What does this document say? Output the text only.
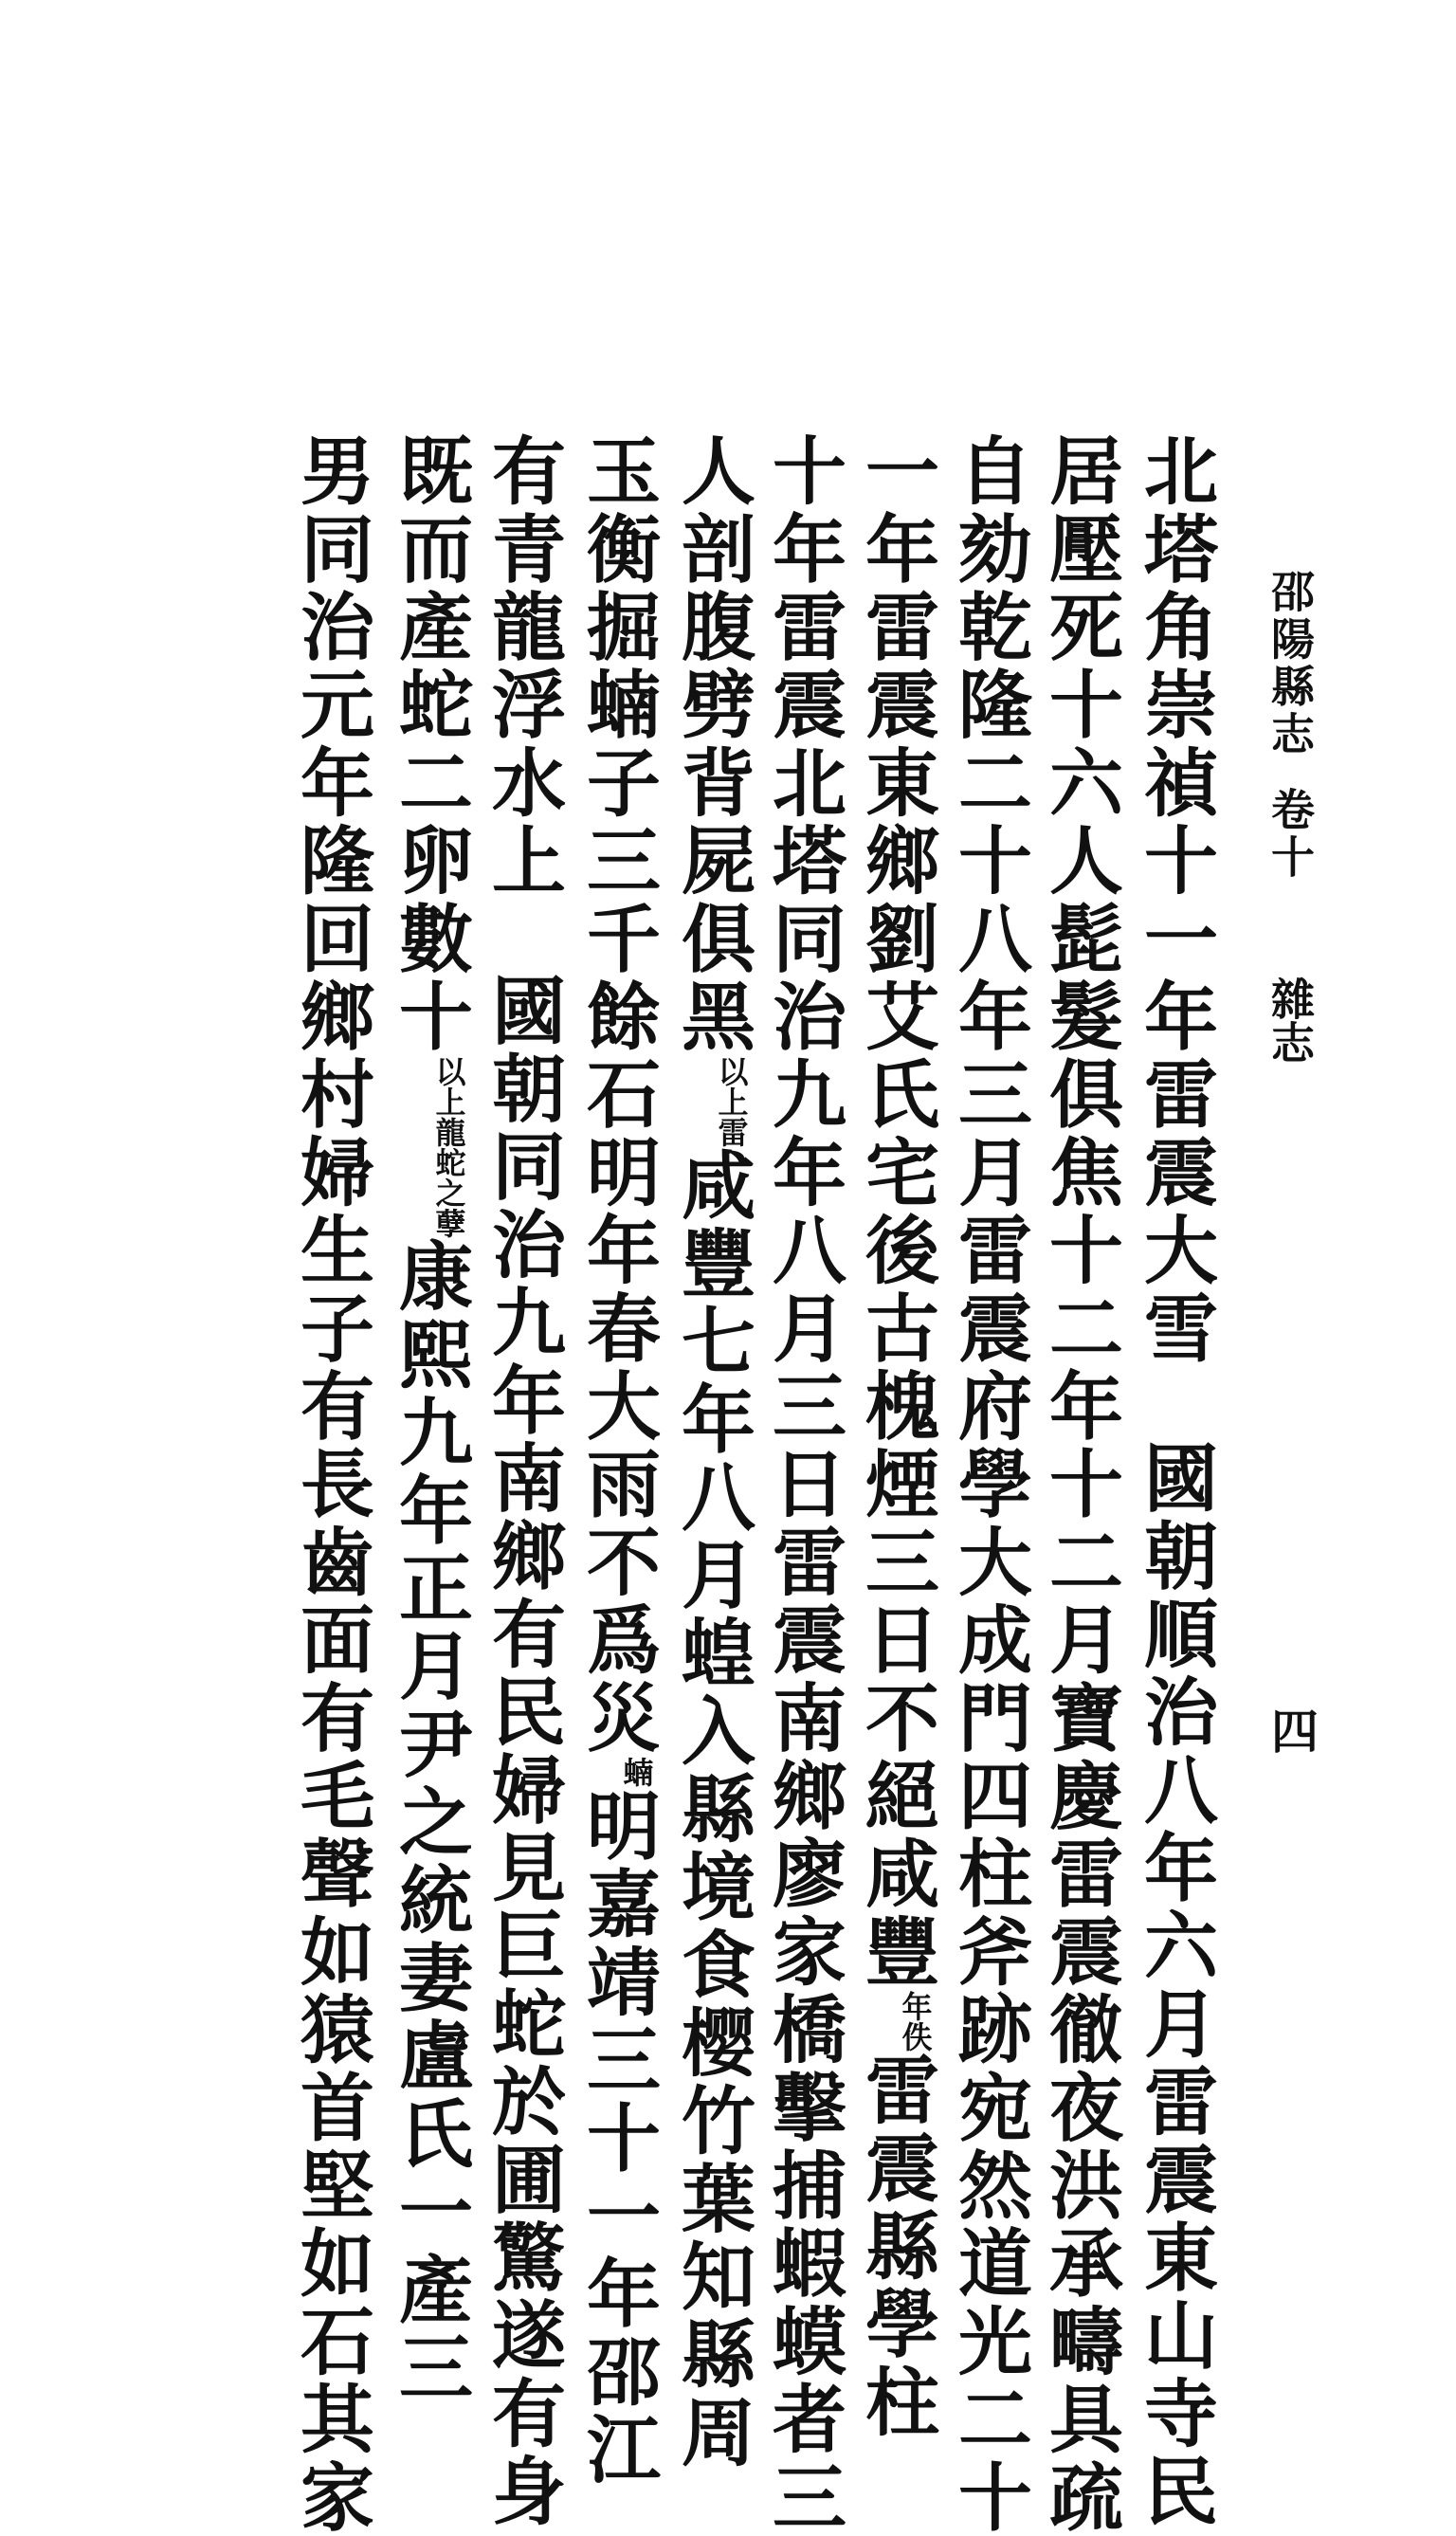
邵陽縣志卷十
雜志
四
北塔角崇禎十一年雷震大雪國朝順治八年六月雷震東山寺民
居壓死十六人髭髮俱焦十二年十二月寶慶雷震徹夜洪承疇具疏
自劾乾隆二十八年三月雷震府學大成門四柱斧跡宛然道光二十
一年雷震東鄉劉艾氏宅後古槐煙三日不絕咸豐年佚雷震縣學柱
十年雷震北塔同治九年八月三日雷震南鄉廖家橋擊捕蝦蟆者三
人剖腹劈背屍俱黑以上雷咸豐七年八月蝗入縣境食樱竹葉知縣周
玉衡掘蝻子三千餘石明年春大雨不爲災蝻明嘉靖三十一年邵江
有青龍浮水上國朝同治九年南鄉有民婦見巨蛇於圃驚遂有身
既而產蛇二卵數十以上龍蛇之孽康熙九年正月尹之統妻盧氏一產三
男同治元年隆回鄉村婦生子有長齒面有毛聲如猿首堅如石其家
